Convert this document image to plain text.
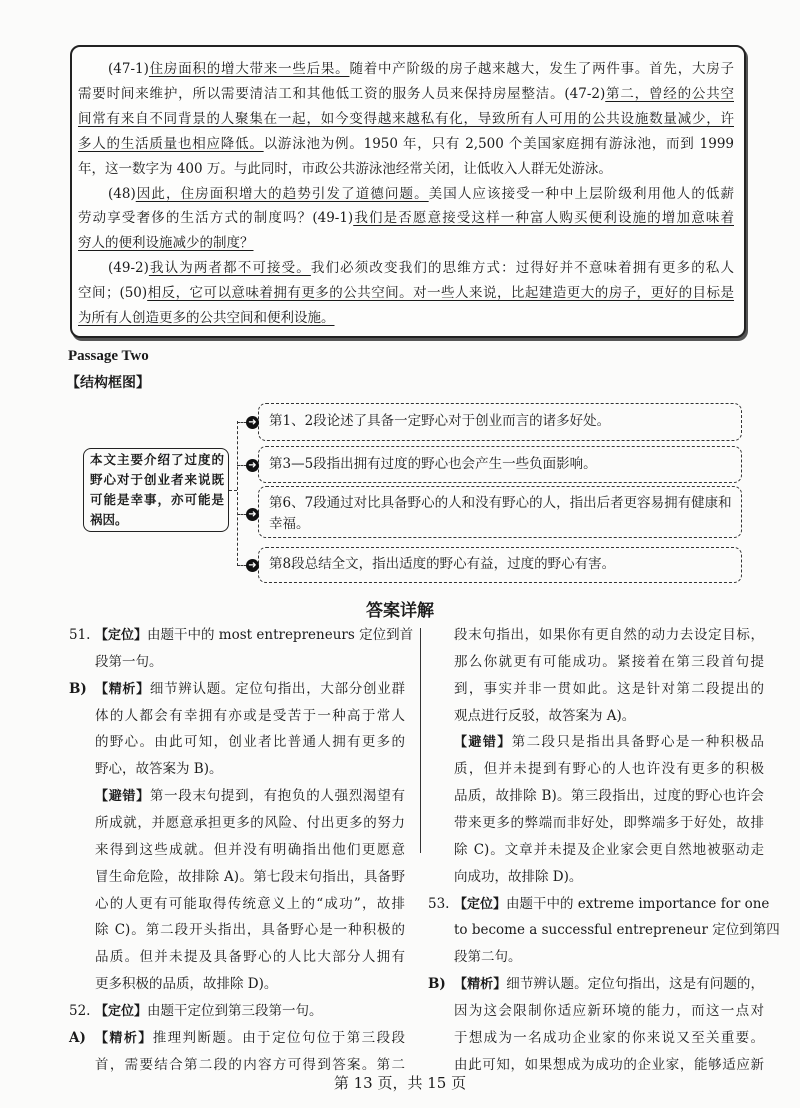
(47-1)住房面积的增大带来一些后果。随着中产阶级的房子越来越大，发生了两件事。首先，大房子
需要时间来维护，所以需要清洁工和其他低工资的服务人员来保持房屋整洁。(47-2)第二，曾经的公共空
间常有来自不同背景的人聚集在一起，如今变得越来越私有化，导致所有人可用的公共设施数量减少，许
多人的生活质量也相应降低。以游泳池为例。1950 年，只有 2,500 个美国家庭拥有游泳池，而到 1999
年，这一数字为 400 万。与此同时，市政公共游泳池经常关闭，让低收入人群无处游泳。
(48)因此，住房面积增大的趋势引发了道德问题。美国人应该接受一种中上层阶级利用他人的低薪
劳动享受奢侈的生活方式的制度吗？(49-1)我们是否愿意接受这样一种富人购买便利设施的增加意味着
穷人的便利设施减少的制度？
(49-2)我认为两者都不可接受。我们必须改变我们的思维方式：过得好并不意味着拥有更多的私人
空间；(50)相反，它可以意味着拥有更多的公共空间。对一些人来说，比起建造更大的房子，更好的目标是
为所有人创造更多的公共空间和便利设施。
Passage Two
【结构框图】
本文主要介绍了过度的野心对于创业者来说既可能是幸事，亦可能是祸因。
第1、2段论述了具备一定野心对于创业而言的诸多好处。
➜
第3—5段指出拥有过度的野心也会产生一些负面影响。
➜
第6、7段通过对比具备野心的人和没有野心的人，指出后者更容易拥有健康和幸福。
➜
第8段总结全文，指出适度的野心有益，过度的野心有害。
➜
答案详解
【定位】由题干中的 most entrepreneurs 定位到首
51.
段第一句。
【精析】细节辨认题。定位句指出，大部分创业群
B)
体的人都会有幸拥有亦或是受苦于一种高于常人
的野心。由此可知，创业者比普通人拥有更多的
野心，故答案为 B)。
【避错】第一段末句提到，有抱负的人强烈渴望有
所成就，并愿意承担更多的风险、付出更多的努力
来得到这些成就。但并没有明确指出他们更愿意
冒生命危险，故排除 A)。第七段末句指出，具备野
心的人更有可能取得传统意义上的“成功”，故排
除 C)。第二段开头指出，具备野心是一种积极的
品质。但并未提及具备野心的人比大部分人拥有
更多积极的品质，故排除 D)。
【定位】由题干定位到第三段第一句。
52.
【精析】推理判断题。由于定位句位于第三段段
A)
首，需要结合第二段的内容方可得到答案。第二
段末句指出，如果你有更自然的动力去设定目标，
那么你就更有可能成功。紧接着在第三段首句提
到，事实并非一贯如此。这是针对第二段提出的
观点进行反驳，故答案为 A)。
【避错】第二段只是指出具备野心是一种积极品
质，但并未提到有野心的人也许没有更多的积极
品质，故排除 B)。第三段指出，过度的野心也许会
带来更多的弊端而非好处，即弊端多于好处，故排
除 C)。文章并未提及企业家会更自然地被驱动走
向成功，故排除 D)。
【定位】由题干中的 extreme importance for one
53.
to become a successful entrepreneur 定位到第四
段第二句。
【精析】细节辨认题。定位句指出，这是有问题的，
B)
因为这会限制你适应新环境的能力，而这一点对
于想成为一名成功企业家的你来说又至关重要。
由此可知，如果想成为成功的企业家，能够适应新
第 13 页，共 15 页
